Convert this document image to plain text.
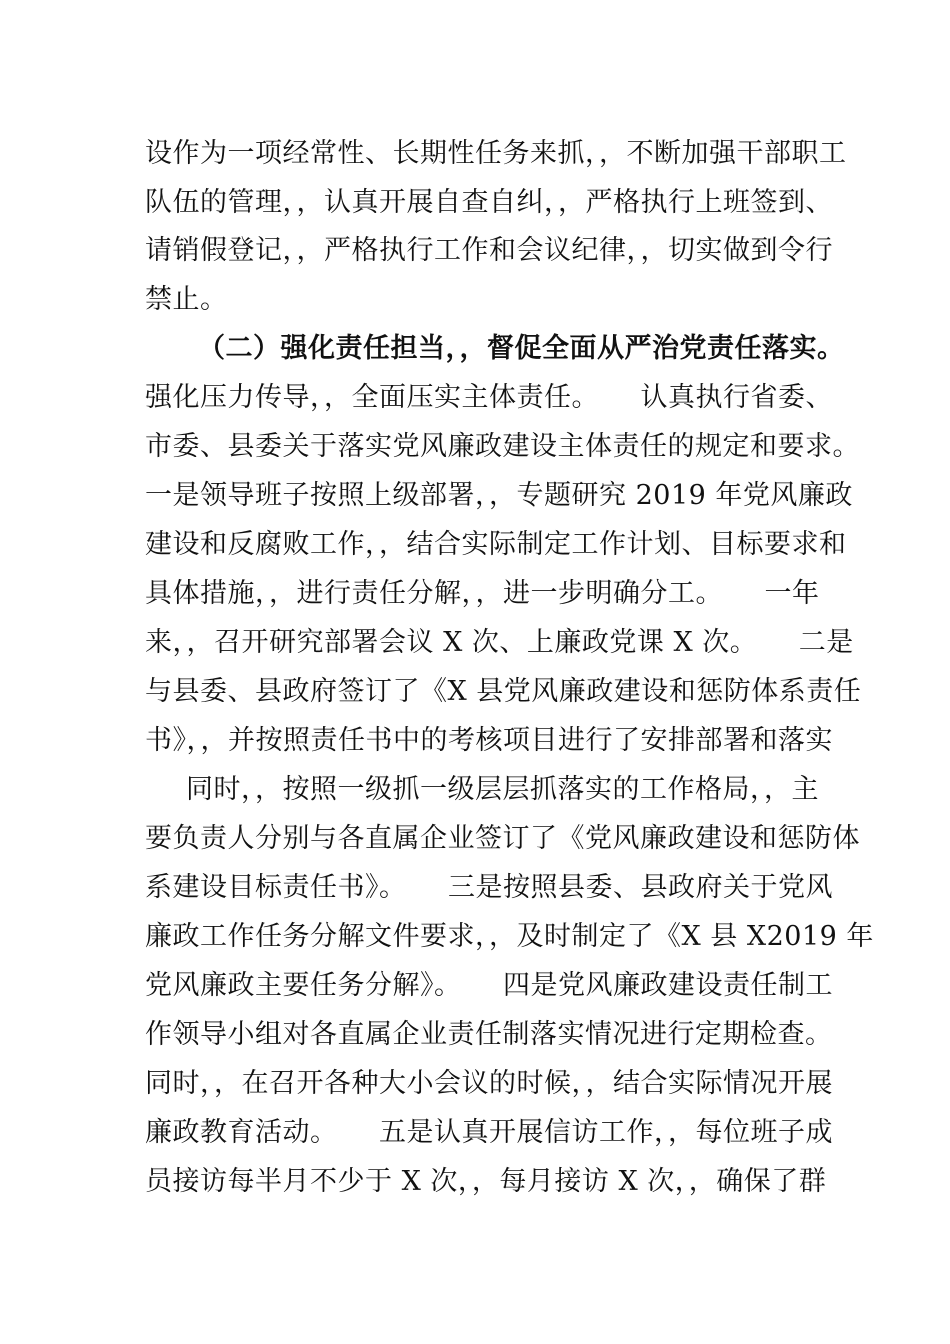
设作为一项经常性、长期性任务来抓，，不断加强干部职工
队伍的管理，，认真开展自查自纠，，严格执行上班签到、
请销假登记，，严格执行工作和会议纪律，，切实做到令行
禁止。
（二）强化责任担当，，督促全面从严治党责任落实。
强化压力传导，，全面压实主体责任。　　认真执行省委、
市委、县委关于落实党风廉政建设主体责任的规定和要求。
一是领导班子按照上级部署，，专题研究 2019 年党风廉政
建设和反腐败工作，，结合实际制定工作计划、目标要求和
具体措施，，进行责任分解，，进一步明确分工。　　一年
来，，召开研究部署会议 X 次、上廉政党课 X 次。　　二是
与县委、县政府签订了《X 县党风廉政建设和惩防体系责任
书》，，并按照责任书中的考核项目进行了安排部署和落实
同时，，按照一级抓一级层层抓落实的工作格局，，主
要负责人分别与各直属企业签订了《党风廉政建设和惩防体
系建设目标责任书》。　　三是按照县委、县政府关于党风
廉政工作任务分解文件要求，，及时制定了《X 县 X2019 年
党风廉政主要任务分解》。　　四是党风廉政建设责任制工
作领导小组对各直属企业责任制落实情况进行定期检查。
同时，，在召开各种大小会议的时候，，结合实际情况开展
廉政教育活动。　　五是认真开展信访工作，，每位班子成
员接访每半月不少于 X 次，，每月接访 X 次，，确保了群
